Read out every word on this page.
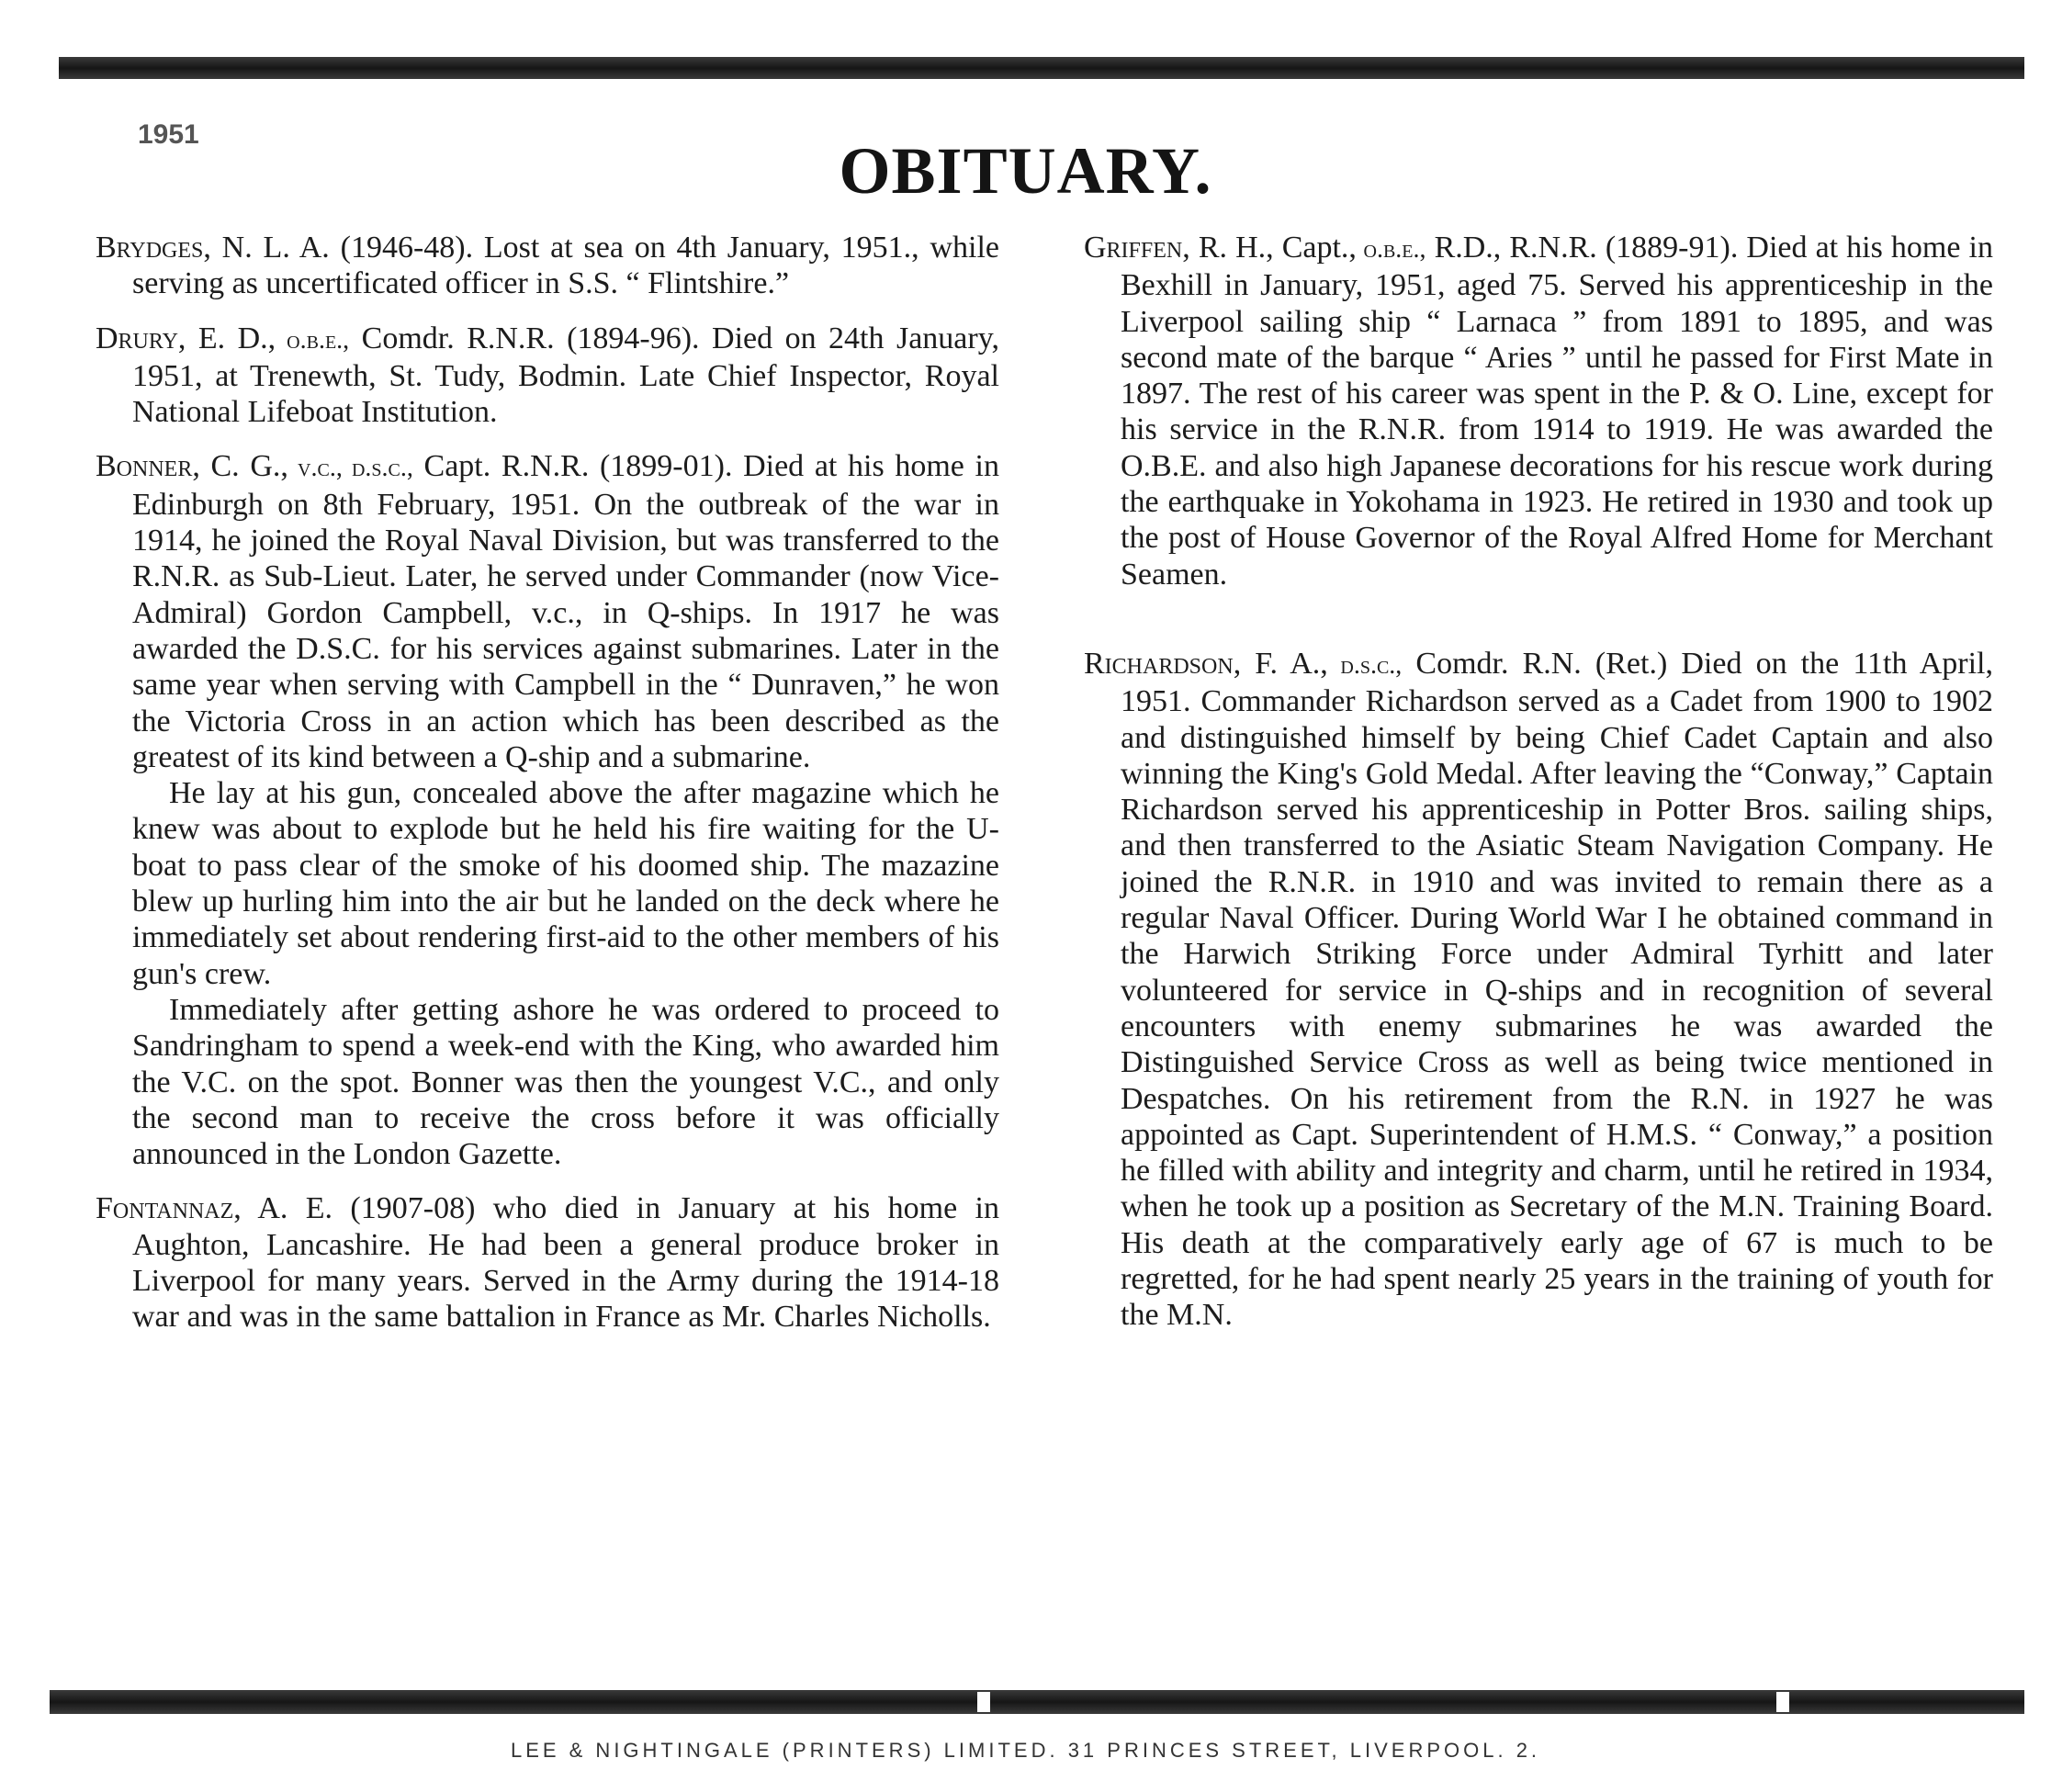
1951	OBITUARY.
Brydges, N. L. A. (1946-48). Lost at sea on 4th January, 1951., while serving as uncertificated officer in S.S. “ Flintshire.”
Drury, E. D., o.b.e., Comdr. R.N.R. (1894-96). Died on 24th January, 1951, at Trenewth, St. Tudy, Bodmin. Late Chief Inspector, Royal National Lifeboat Institution.
Bonner, C. G., v.c., d.s.c., Capt. R.N.R. (1899-01). Died at his home in Edinburgh on 8th February, 1951. On the outbreak of the war in 1914, he joined the Royal Naval Division, but was transferred to the R.N.R. as Sub-Lieut. Later, he served under Commander (now Vice-Admiral) Gordon Campbell, v.c., in Q-ships. In 1917 he was awarded the D.S.C. for his services against submarines. Later in the same year when serving with Campbell in the “ Dunraven,” he won the Victoria Cross in an action which has been described as the greatest of its kind between a Q-ship and a submarine.

He lay at his gun, concealed above the after magazine which he knew was about to explode but he held his fire waiting for the U-boat to pass clear of the smoke of his doomed ship. The mazazine blew up hurling him into the air but he landed on the deck where he immediately set about rendering first-aid to the other members of his gun's crew.

Immediately after getting ashore he was ordered to proceed to Sandringham to spend a week-end with the King, who awarded him the V.C. on the spot. Bonner was then the youngest V.C., and only the second man to receive the cross before it was officially announced in the London Gazette.

Fontannaz, A. E. (1907-08) who died in January at his home in Aughton, Lancashire. He had been a general produce broker in Liverpool for many years. Served in the Army during the 1914-18 war and was in the same battalion in France as Mr. Charles Nicholls.
Griffen, R. H., Capt., o.b.e., R.D., R.N.R. (1889-91). Died at his home in Bexhill in January, 1951, aged 75. Served his apprenticeship in the Liverpool sailing ship “ Larnaca ” from 1891 to 1895, and was second mate of the barque “ Aries ” until he passed for First Mate in 1897. The rest of his career was spent in the P. & O. Line, except for his service in the R.N.R. from 1914 to 1919. He was awarded the O.B.E. and also high Japanese decorations for his rescue work during the earthquake in Yokohama in 1923. He retired in 1930 and took up the post of House Governor of the Royal Alfred Home for Merchant Seamen.
Richardson, F. A., d.s.c., Comdr. R.N. (Ret.) Died on the 11th April, 1951. Commander Richardson served as a Cadet from 1900 to 1902 and distinguished himself by being Chief Cadet Captain and also winning the King's Gold Medal. After leaving the “Conway,” Captain Richardson served his apprenticeship in Potter Bros. sailing ships, and then transferred to the Asiatic Steam Navigation Company. He joined the R.N.R. in 1910 and was invited to remain there as a regular Naval Officer. During World War I he obtained command in the Harwich Striking Force under Admiral Tyrhitt and later volunteered for service in Q-ships and in recognition of several encounters with enemy submarines he was awarded the Distinguished Service Cross as well as being twice mentioned in Despatches. On his retirement from the R.N. in 1927 he was appointed as Capt. Superintendent of H.M.S. “ Conway,” a position he filled with ability and integrity and charm, until he retired in 1934, when he took up a position as Secretary of the M.N. Training Board. His death at the comparatively early age of 67 is much to be regretted, for he had spent nearly 25 years in the training of youth for the M.N.
LEE & NIGHTINGALE (PRINTERS) LIMITED. 31 PRINCES STREET, LIVERPOOL. 2.
